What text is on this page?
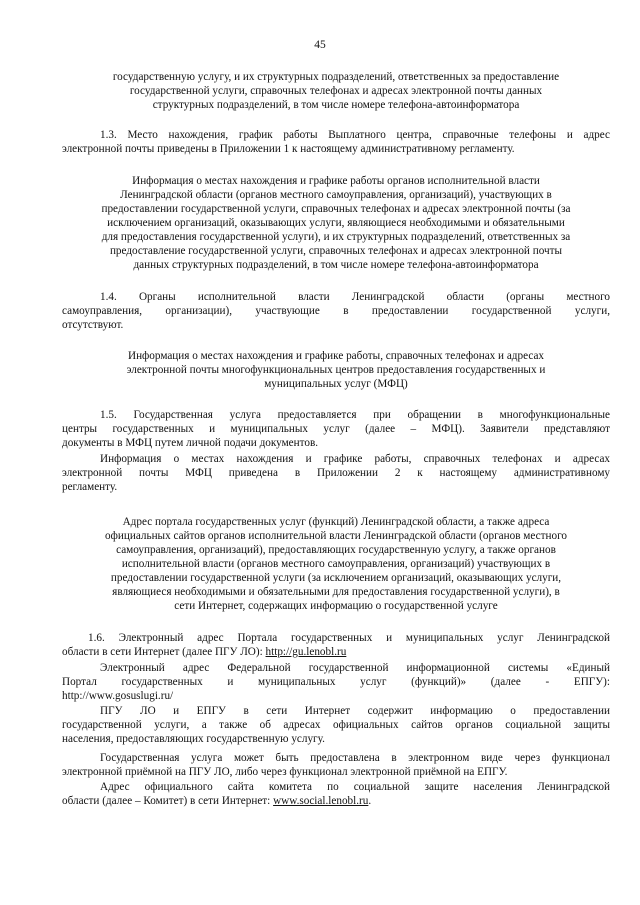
45
государственную услугу, и их структурных подразделений, ответственных за предоставление
государственной услуги, справочных телефонах и адресах электронной почты данных
структурных подразделений, в том числе номере телефона-автоинформатора
1.3. Место нахождения, график работы Выплатного центра, справочные телефоны и адрес
электронной почты приведены в Приложении 1 к настоящему административному регламенту.
Информация о местах нахождения и графике работы органов исполнительной власти
Ленинградской области (органов местного самоуправления, организаций), участвующих в
предоставлении государственной услуги, справочных телефонах и адресах электронной почты (за
исключением организаций, оказывающих услуги, являющиеся необходимыми и обязательными
для предоставления государственной услуги), и их структурных подразделений, ответственных за
предоставление государственной услуги, справочных телефонах и адресах электронной почты
данных структурных подразделений, в том числе номере телефона-автоинформатора
1.4. Органы исполнительной власти Ленинградской области (органы местного
самоуправления, организации), участвующие в предоставлении государственной услуги,
отсутствуют.
Информация о местах нахождения и графике работы, справочных телефонах и адресах
электронной почты многофункциональных центров предоставления государственных и
муниципальных услуг (МФЦ)
1.5. Государственная услуга предоставляется при обращении в многофункциональные
центры государственных и муниципальных услуг (далее – МФЦ). Заявители представляют
документы в МФЦ путем личной подачи документов.
Информация о местах нахождения и графике работы, справочных телефонах и адресах
электронной почты МФЦ приведена в Приложении 2 к настоящему административному
регламенту.
Адрес портала государственных услуг (функций) Ленинградской области, а также адреса
официальных сайтов органов исполнительной власти Ленинградской области (органов местного
самоуправления, организаций), предоставляющих государственную услугу, а также органов
исполнительной власти (органов местного самоуправления, организаций) участвующих в
предоставлении государственной услуги (за исключением организаций, оказывающих услуги,
являющиеся необходимыми и обязательными для предоставления государственной услуги), в
сети Интернет, содержащих информацию о государственной услуге
1.6. Электронный адрес Портала государственных и муниципальных услуг Ленинградской
области в сети Интернет (далее ПГУ ЛО): http://gu.lenobl.ru
Электронный адрес Федеральной государственной информационной системы «Единый
Портал государственных и муниципальных услуг (функций)» (далее - ЕПГУ):
http://www.gosuslugi.ru/
ПГУ ЛО и ЕПГУ в сети Интернет содержит информацию о предоставлении
государственной услуги, а также об адресах официальных сайтов органов социальной защиты
населения, предоставляющих государственную услугу.
Государственная услуга может быть предоставлена в электронном виде через функционал
электронной приёмной на ПГУ ЛО, либо через функционал электронной приёмной на ЕПГУ.
Адрес официального сайта комитета по социальной защите населения Ленинградской
области (далее – Комитет) в сети Интернет: www.social.lenobl.ru.
